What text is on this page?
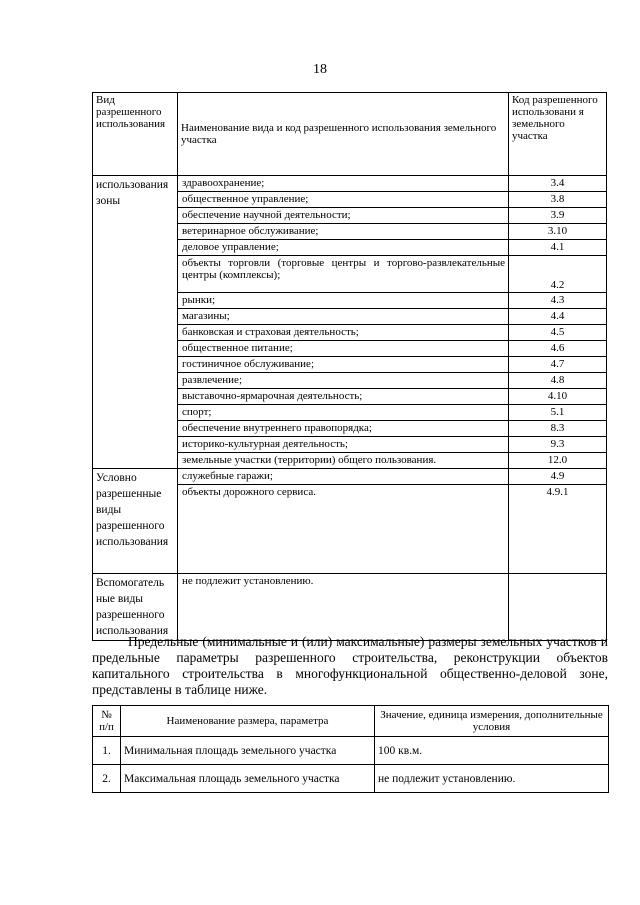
18
Вид разрешенного использования	Наименование вида и код разрешенного использования земельного участка	Код разрешенного использовани я земельного участка
использования зоны	здравоохранение;	3.4
	общественное управление;	3.8
	обеспечение научной деятельности;	3.9
	ветеринарное обслуживание;	3.10
	деловое управление;	4.1
	объекты торговли (торговые центры и торгово-развлекательные центры (комплексы);	4.2
	рынки;	4.3
	магазины;	4.4
	банковская и страховая деятельность;	4.5
	общественное питание;	4.6
	гостиничное обслуживание;	4.7
	развлечение;	4.8
	выставочно-ярмарочная деятельность;	4.10
	спорт;	5.1
	обеспечение внутреннего правопорядка;	8.3
	историко-культурная деятельность;	9.3
	земельные участки (территории) общего пользования.	12.0
Условно разрешенные виды разрешенного использования	служебные гаражи;	4.9
	объекты дорожного сервиса.	4.9.1
Вспомогатель ные виды разрешенного использования	не подлежит установлению.	
Предельные (минимальные и (или) максимальные) размеры земельных участков и предельные параметры разрешенного строительства, реконструкции объектов капитального строительства в многофункциональной общественно-деловой зоне, представлены в таблице ниже.
№ п/п	Наименование размера, параметра	Значение, единица измерения, дополнительные условия
1.	Минимальная площадь земельного участка	100 кв.м.
2.	Максимальная площадь земельного участка	не подлежит установлению.
